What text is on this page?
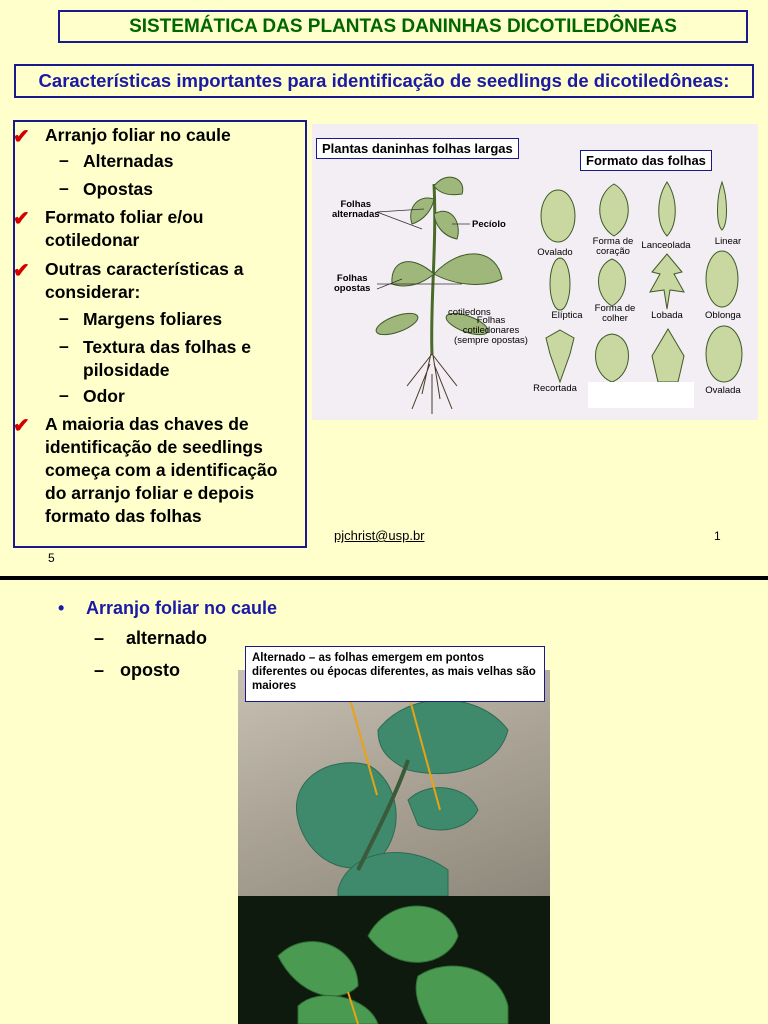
SISTEMÁTICA DAS PLANTAS DANINHAS DICOTILEDÔNEAS
Características importantes para identificação de seedlings de dicotiledôneas:
✔ Arranjo foliar no caule
– Alternadas
– Opostas
✔ Formato foliar e/ou
cotiledonar
✔ Outras características a
considerar:
– Margens foliares
– Textura das folhas e
pilosidade
– Odor
✔ A maioria das chaves de
identificação de seedlings
começa com a identificação
do arranjo foliar e depois
formato das folhas
Plantas daninhas folhas largas
Formato das folhas
Folhas
alternadas
Pecíolo
Folhas
opostas
cotiledons
Folhas
cotiledonares
(sempre opostas)
Ovalado
Forma de
coração
Lanceolada	Linear
Elíptica
Forma de
colher	Lobada	Oblonga
Recortada	Ovalada
pjchrist@usp.br	1
5
• Arranjo foliar no caule
– alternado
– oposto
Alternado – as folhas emergem em pontos diferentes ou épocas diferentes, as mais velhas são maiores
